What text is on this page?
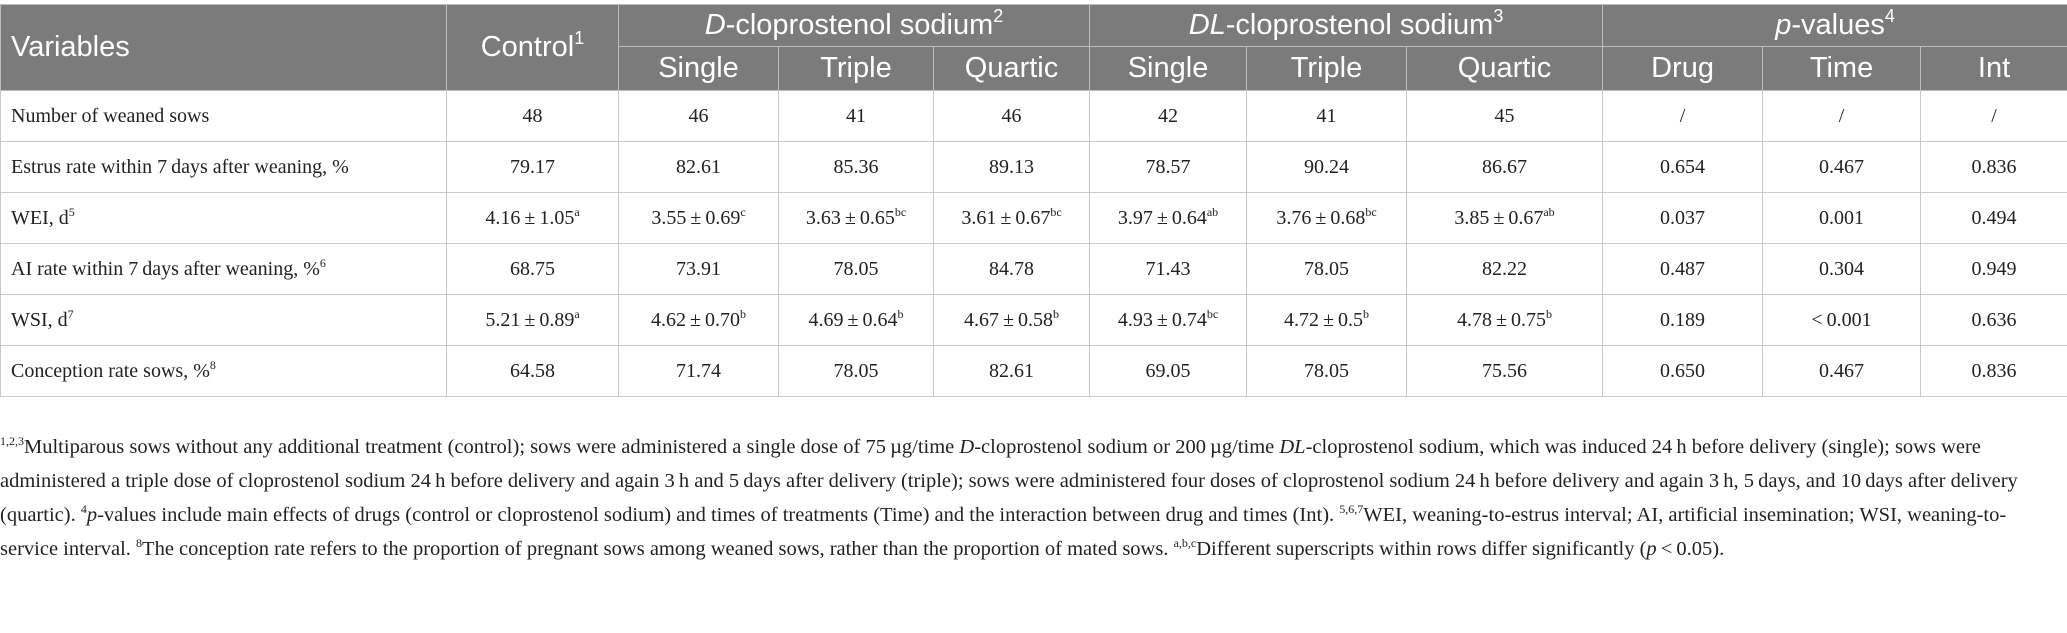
Variables	Control$^1$	D-cloprostenol sodium$^2$			DL-cloprostenol sodium$^3$			p-values$^4$
		Single	Triple	Quartic	Single	Triple	Quartic	Drug	Time	Int
Number of weaned sows	48	46	41	46	42	41	45	/	/	/
Estrus rate within 7 days after weaning, %	79.17	82.61	85.36	89.13	78.57	90.24	86.67	0.654	0.467	0.836
WEI, $d^5$	4.16 ± 1.05$^a$	3.55 ± 0.69$^c$	3.63 ± 0.65$^{bc}$	3.61 ± 0.67$^{bc}$	3.97 ± 0.64$^{ab}$	3.76 ± 0.68$^{bc}$	3.85 ± 0.67$^{ab}$	0.037	0.001	0.494
AI rate within 7 days after weaning, %$^6$	68.75	73.91	78.05	84.78	71.43	78.05	82.22	0.487	0.304	0.949
WSI, $d^7$	5.21 ± 0.89$^a$	4.62 ± 0.70$^b$	4.69 ± 0.64$^b$	4.67 ± 0.58$^b$	4.93 ± 0.74$^{bc}$	4.72 ± 0.5$^b$	4.78 ± 0.75$^b$	0.189	< 0.001	0.636
Conception rate sows, %$^8$	64.58	71.74	78.05	82.61	69.05	78.05	75.56	0.650	0.467	0.836

$^{1,2,3}$Multiparous sows without any additional treatment (control); sows were administered a single dose of 75 µg/time D-cloprostenol sodium or 200 µg/time DL-cloprostenol sodium, which was induced 24 h before delivery (single); sows were administered a triple dose of cloprostenol sodium 24 h before delivery and again 3 h and 5 days after delivery (triple); sows were administered four doses of cloprostenol sodium 24 h before delivery and again 3 h, 5 days, and 10 days after delivery (quartic). $^4$p-values include main effects of drugs (control or cloprostenol sodium) and times of treatments (Time) and the interaction between drug and times (Int). $^{5,6,7}$WEI, weaning-to-estrus interval; AI, artificial insemination; WSI, weaning-to-service interval. $^8$The conception rate refers to the proportion of pregnant sows among weaned sows, rather than the proportion of mated sows. $^{a,b,c}$Different superscripts within rows differ significantly (p < 0.05).
